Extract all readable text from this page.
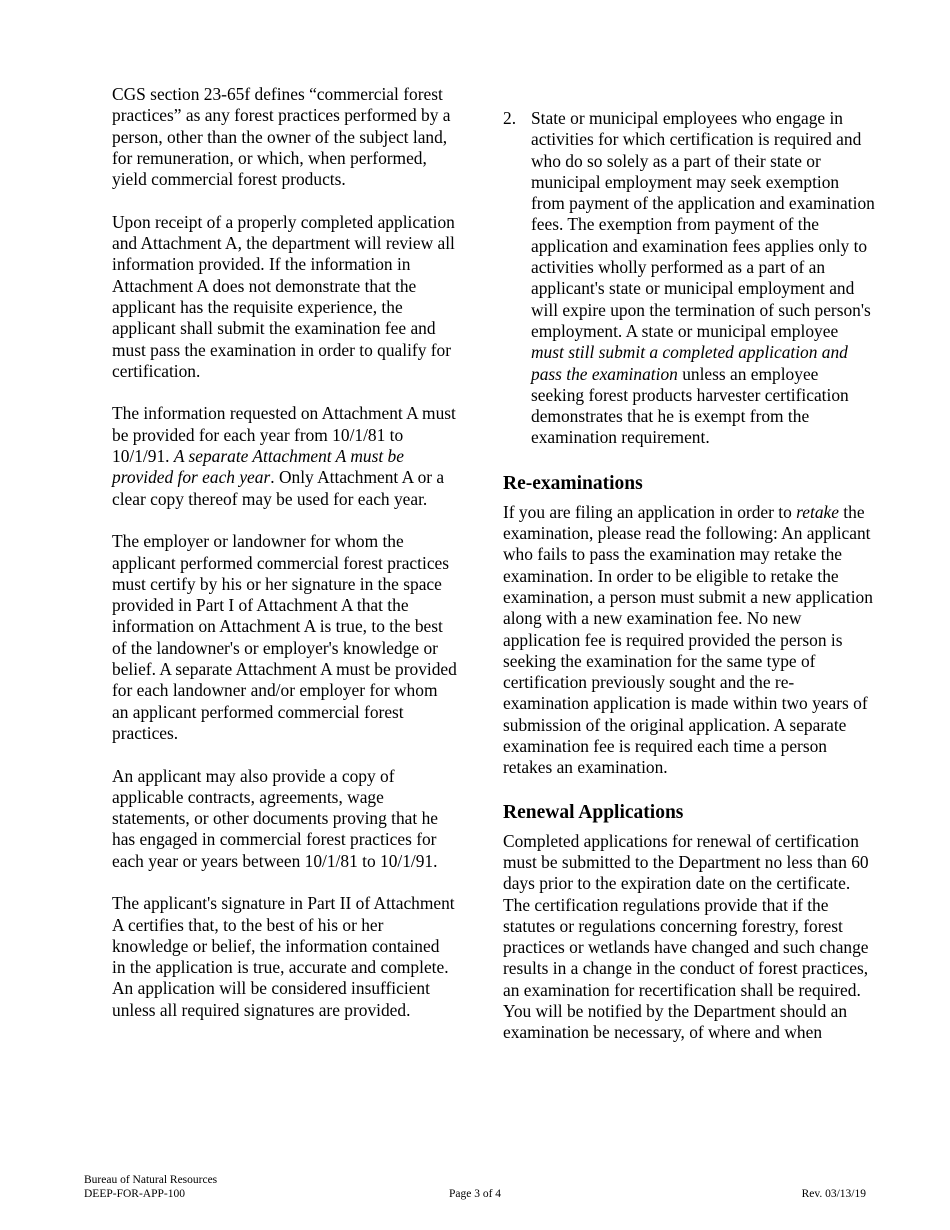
CGS section 23-65f defines “commercial forest practices” as any forest practices performed by a person, other than the owner of the subject land, for remuneration, or which, when performed, yield commercial forest products.

Upon receipt of a properly completed application and Attachment A, the department will review all information provided. If the information in Attachment A does not demonstrate that the applicant has the requisite experience, the applicant shall submit the examination fee and must pass the examination in order to qualify for certification.

The information requested on Attachment A must be provided for each year from 10/1/81 to 10/1/91. A separate Attachment A must be provided for each year. Only Attachment A or a clear copy thereof may be used for each year.

The employer or landowner for whom the applicant performed commercial forest practices must certify by his or her signature in the space provided in Part I of Attachment A that the information on Attachment A is true, to the best of the landowner's or employer's knowledge or belief. A separate Attachment A must be provided for each landowner and/or employer for whom an applicant performed commercial forest practices.

An applicant may also provide a copy of applicable contracts, agreements, wage statements, or other documents proving that he has engaged in commercial forest practices for each year or years between 10/1/81 to 10/1/91.

The applicant's signature in Part II of Attachment A certifies that, to the best of his or her knowledge or belief, the information contained in the application is true, accurate and complete. An application will be considered insufficient unless all required signatures are provided.

2. State or municipal employees who engage in activities for which certification is required and who do so solely as a part of their state or municipal employment may seek exemption from payment of the application and examination fees. The exemption from payment of the application and examination fees applies only to activities wholly performed as a part of an applicant's state or municipal employment and will expire upon the termination of such person's employment. A state or municipal employee must still submit a completed application and pass the examination unless an employee seeking forest products harvester certification demonstrates that he is exempt from the examination requirement.
Re-examinations

If you are filing an application in order to retake the examination, please read the following: An applicant who fails to pass the examination may retake the examination. In order to be eligible to retake the examination, a person must submit a new application along with a new examination fee. No new application fee is required provided the person is seeking the examination for the same type of certification previously sought and the re-examination application is made within two years of submission of the original application. A separate examination fee is required each time a person retakes an examination.

Renewal Applications

Completed applications for renewal of certification must be submitted to the Department no less than 60 days prior to the expiration date on the certificate. The certification regulations provide that if the statutes or regulations concerning forestry, forest practices or wetlands have changed and such change results in a change in the conduct of forest practices, an examination for recertification shall be required. You will be notified by the Department should an examination be necessary, of where and when

Bureau of Natural Resources
DEEP-FOR-APP-100	Page 3 of 4	Rev. 03/13/19
